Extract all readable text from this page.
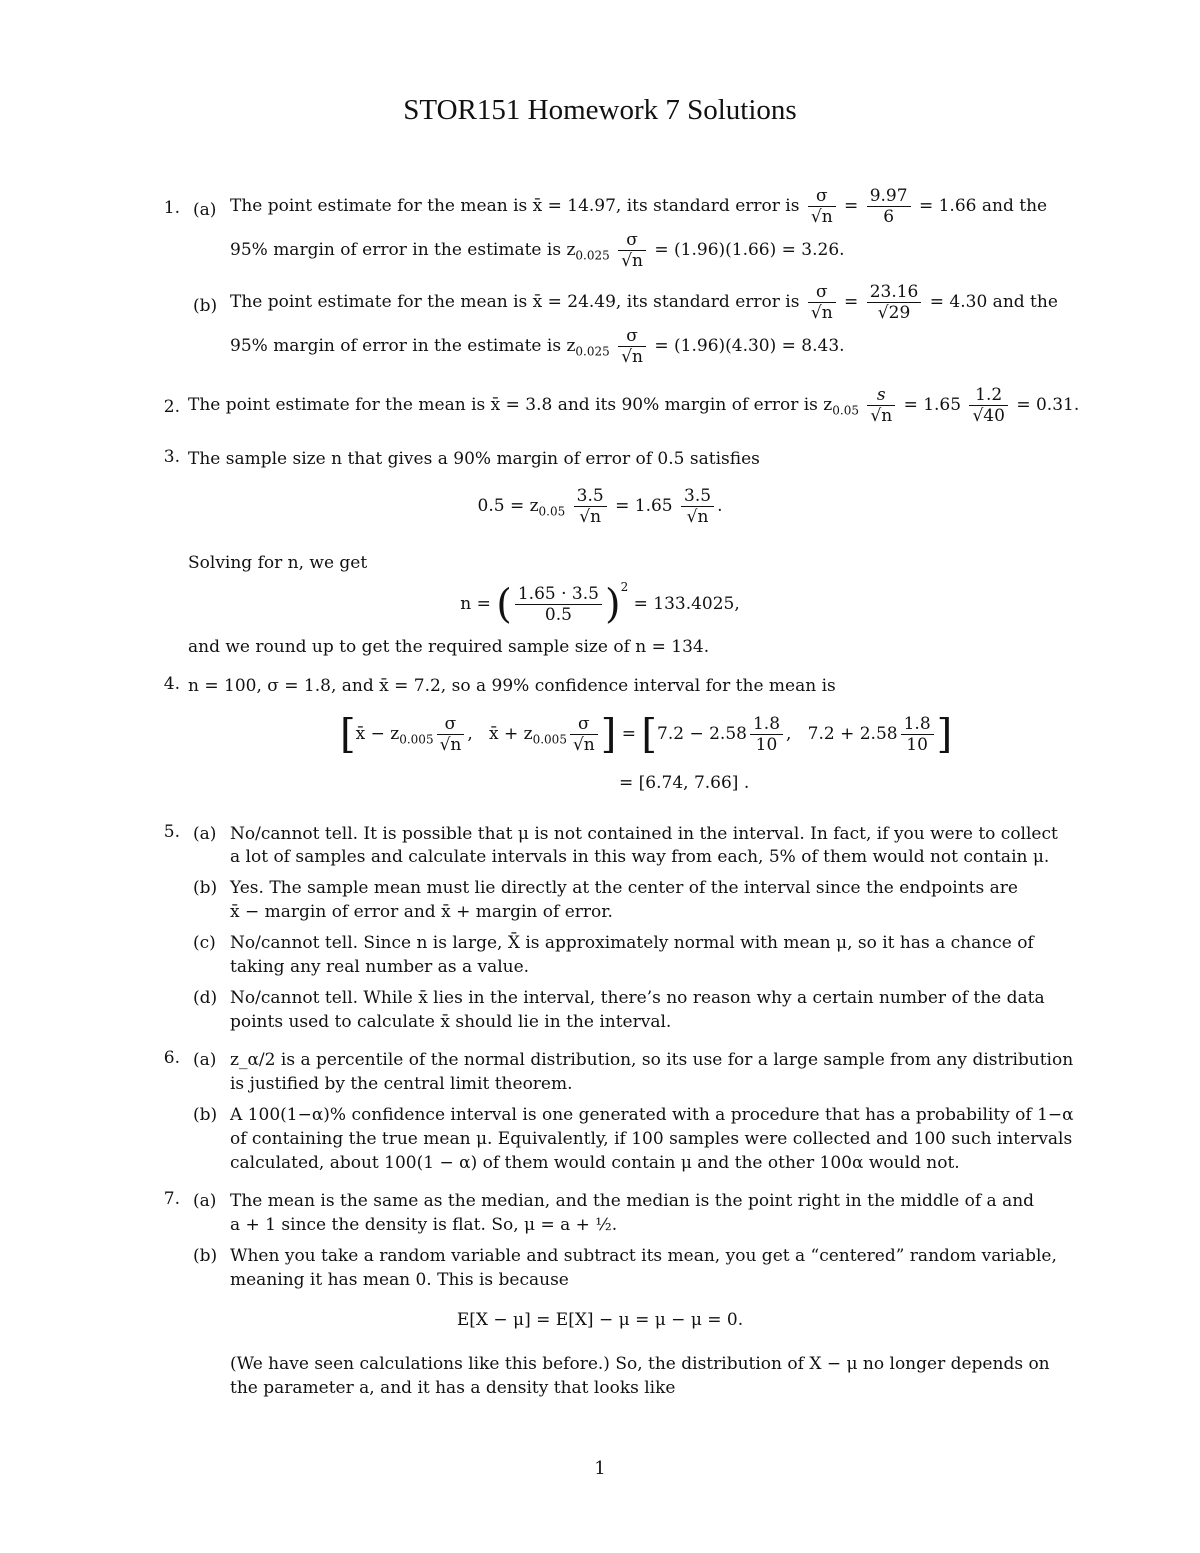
STOR151 Homework 7 Solutions
1. (a) The point estimate for the mean is x̄ = 14.97, its standard error is $\frac{\sigma}{√n} = \frac{9.97}{6} = 1.66$ and the
95% margin of error in the estimate is $z_{0.025} \frac{\sigma}{√n} = (1.96)(1.66) = 3.26$.
(b) The point estimate for the mean is x̄ = 24.49, its standard error is $\frac{\sigma}{√n} = \frac{23.16}{√29} = 4.30$ and the
95% margin of error in the estimate is $z_{0.025} \frac{\sigma}{√n} = (1.96)(4.30) = 8.43$.
2. The point estimate for the mean is x̄ = 3.8 and its 90% margin of error is $z_{0.05} \frac{s}{√n} = 1.65 \frac{1.2}{√40} = 0.31$.
3. The sample size n that gives a 90% margin of error of 0.5 satisfies
$0.5 = z_{0.05} \frac{3.5}{√n} = 1.65 \frac{3.5}{√n}$ .
Solving for n, we get
n = ( $\frac{1.65 \cdot 3.5}{0.5} )^2 = 133.4025$,
and we round up to get the required sample size of n = 134.
4. n = 100, σ = 1.8, and x̄ = 7.2, so a 99% confidence interval for the mean is
[x̄ − $z_{0.005} \frac{\sigma}{√n}$ ,   x̄ + $z_{0.005} \frac{\sigma}{√n}$ ] = [$7.2 - 2.58 \frac{1.8}{10}$ ,   $7.2 + 2.58 \frac{1.8}{10}$ ]
= [6.74, 7.66] .
5. (a) No/cannot tell. It is possible that μ is not contained in the interval. In fact, if you were to collect
a lot of samples and calculate intervals in this way from each, 5% of them would not contain μ.
(b) Yes. The sample mean must lie directly at the center of the interval since the endpoints are
x̄ − margin of error and x̄ + margin of error.
(c) No/cannot tell. Since n is large, X̄ is approximately normal with mean μ, so it has a chance of
taking any real number as a value.
(d) No/cannot tell. While x̄ lies in the interval, there’s no reason why a certain number of the data
points used to calculate x̄ should lie in the interval.
6. (a) z_α/2 is a percentile of the normal distribution, so its use for a large sample from any distribution
is justified by the central limit theorem.
(b) A 100(1−α)% confidence interval is one generated with a procedure that has a probability of 1−α
of containing the true mean μ. Equivalently, if 100 samples were collected and 100 such intervals
calculated, about 100(1 − α) of them would contain μ and the other 100α would not.
7. (a) The mean is the same as the median, and the median is the point right in the middle of a and
a + 1 since the density is flat. So, μ = a + ½.
(b) When you take a random variable and subtract its mean, you get a “centered” random variable,
meaning it has mean 0. This is because
E[X − μ] = E[X] − μ = μ − μ = 0.
(We have seen calculations like this before.) So, the distribution of X − μ no longer depends on
the parameter a, and it has a density that looks like
1
